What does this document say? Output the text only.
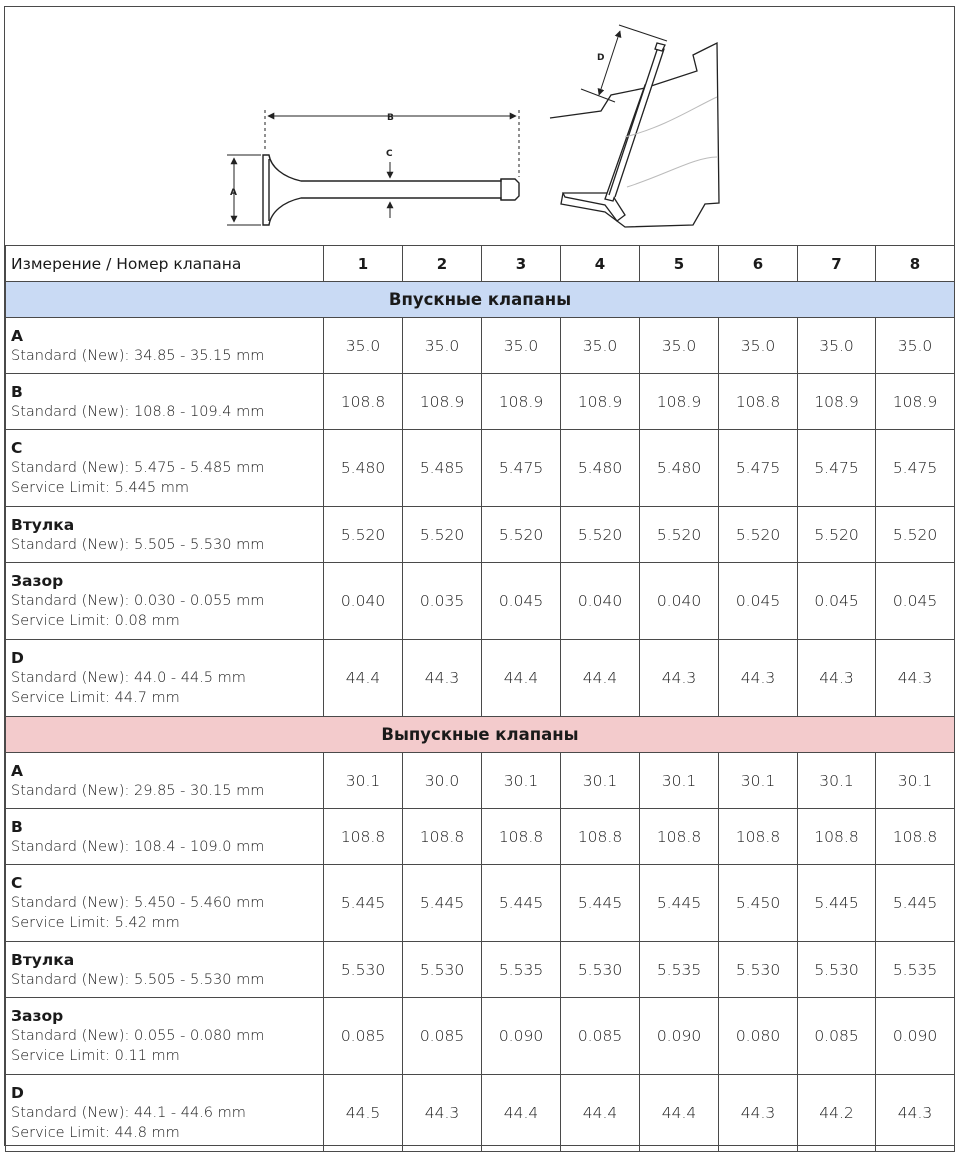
B
A
C
D
Измерение / Номер клапана	1	2	3	4	5	6	7	8
Впускные клапаны								

A
Standard (New): 34.85 - 35.15 mm	35.0	35.0	35.0	35.0	35.0	35.0	35.0	35.0

B
Standard (New): 108.8 - 109.4 mm	108.8	108.9	108.9	108.9	108.9	108.8	108.9	108.9

C
Standard (New): 5.475 - 5.485 mm
Service Limit: 5.445 mm	5.480	5.485	5.475	5.480	5.480	5.475	5.475	5.475

Втулка
Standard (New): 5.505 - 5.530 mm	5.520	5.520	5.520	5.520	5.520	5.520	5.520	5.520

Зазор
Standard (New): 0.030 - 0.055 mm
Service Limit: 0.08 mm	0.040	0.035	0.045	0.040	0.040	0.045	0.045	0.045

D
Standard (New): 44.0 - 44.5 mm
Service Limit: 44.7 mm	44.4	44.3	44.4	44.4	44.3	44.3	44.3	44.3
Выпускные клапаны								

A
Standard (New): 29.85 - 30.15 mm	30.1	30.0	30.1	30.1	30.1	30.1	30.1	30.1

B
Standard (New): 108.4 - 109.0 mm	108.8	108.8	108.8	108.8	108.8	108.8	108.8	108.8

C
Standard (New): 5.450 - 5.460 mm
Service Limit: 5.42 mm	5.445	5.445	5.445	5.445	5.445	5.450	5.445	5.445

Втулка
Standard (New): 5.505 - 5.530 mm	5.530	5.530	5.535	5.530	5.535	5.530	5.530	5.535

Зазор
Standard (New): 0.055 - 0.080 mm
Service Limit: 0.11 mm	0.085	0.085	0.090	0.085	0.090	0.080	0.085	0.090

D
Standard (New): 44.1 - 44.6 mm
Service Limit: 44.8 mm	44.5	44.3	44.4	44.4	44.4	44.3	44.2	44.3
